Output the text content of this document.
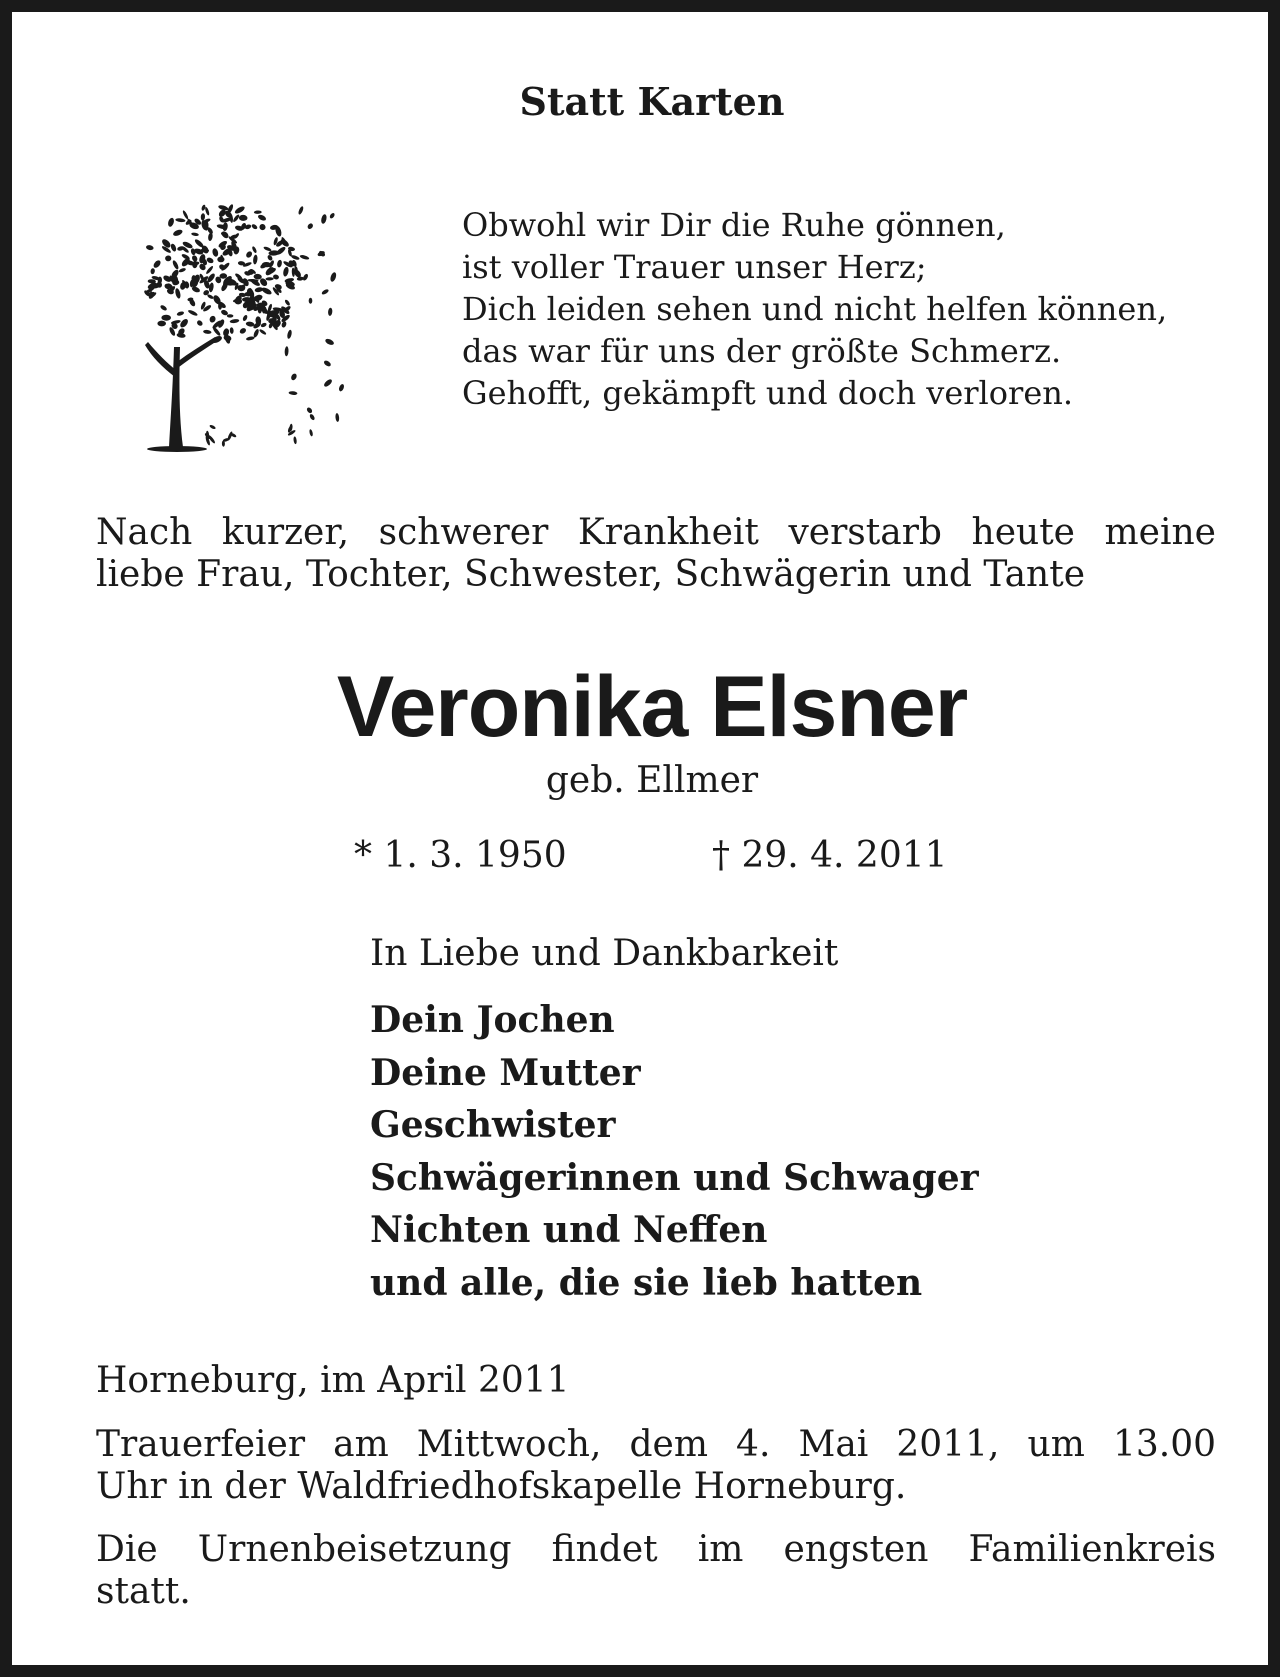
Statt Karten
Obwohl wir Dir die Ruhe gönnen,
ist voller Trauer unser Herz;
Dich leiden sehen und nicht helfen können,
das war für uns der größte Schmerz.
Gehofft, gekämpft und doch verloren.
Nach kurzer, schwerer Krankheit verstarb heute meine
liebe Frau, Tochter, Schwester, Schwägerin und Tante
Veronika Elsner
geb. Ellmer
* 1. 3. 1950	† 29. 4. 2011
In Liebe und Dankbarkeit
Dein Jochen
Deine Mutter
Geschwister
Schwägerinnen und Schwager
Nichten und Neffen
und alle, die sie lieb hatten
Horneburg, im April 2011
Trauerfeier am Mittwoch, dem 4. Mai 2011, um 13.00
Uhr in der Waldfriedhofskapelle Horneburg.
Die Urnenbeisetzung findet im engsten Familienkreis
statt.
